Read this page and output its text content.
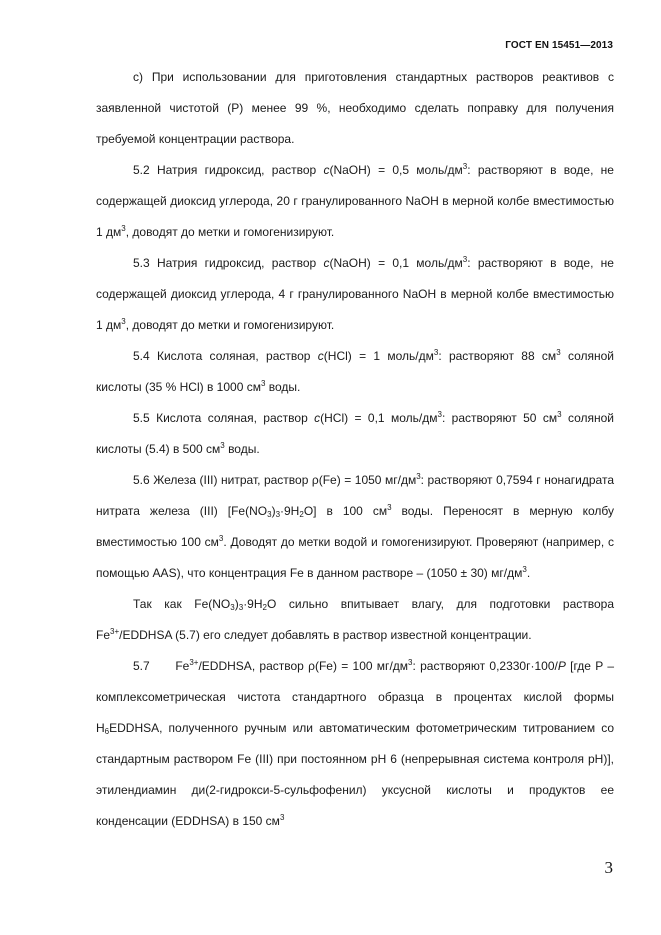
ГОСТ EN 15451—2013

с) При использовании для приготовления стандартных растворов реактивов с заявленной чистотой (P) менее 99 %, необходимо сделать поправку для получения требуемой концентрации раствора.

5.2 Натрия гидроксид, раствор c(NaOH) = 0,5 моль/$дм^3$: растворяют в воде, не содержащей диоксид углерода, 20 г гранулированного NaOH в мерной колбе вместимостью 1 $дм^3$, доводят до метки и гомогенизируют.

5.3 Натрия гидроксид, раствор c(NaOH) = 0,1 моль/$дм^3$: растворяют в воде, не содержащей диоксид углерода, 4 г гранулированного NaOH в мерной колбе вместимостью 1 $дм^3$, доводят до метки и гомогенизируют.

5.4 Кислота соляная, раствор c(HCl) = 1 моль/$дм^3$: растворяют 88 $см^3$ соляной кислоты (35 % HCl) в 1000 $см^3$ воды.

5.5 Кислота соляная, раствор c(HCl) = 0,1 моль/$дм^3$: растворяют 50 $см^3$ соляной кислоты (5.4) в 500 $см^3$ воды.

5.6 Железа (III) нитрат, раствор ρ(Fe) = 1050 $мг/дм^3$: растворяют 0,7594 г нонагидрата нитрата железа (III) $[Fe(NO_3)_3\cdot 9H_2O]$ в 100 $см^3$ воды. Переносят в мерную колбу вместимостью 100 $см^3$. Доводят до метки водой и гомогенизируют. Проверяют (например, с помощью AAS), что концентрация Fe в данном растворе – (1050 ± 30) $мг/дм^3$.

Так как $Fe(NO_3)_3\cdot 9H_2O$ сильно впитывает влагу, для подготовки раствора $Fe^{3+}$/EDDHSA (5.7) его следует добавлять в раствор известной концентрации.

5.7      $Fe^{3+}$/EDDHSA, раствор ρ(Fe) = 100 $мг/дм^3$: растворяют 0,2330г·100/P [где P –комплексометрическая чистота стандартного образца в процентах кислой формы $H_6EDDHSA$, полученного ручным или автоматическим фотометрическим титрованием со стандартным раствором Fe (III) при постоянном pH 6 (непрерывная система контроля pH)], этилендиамин ди(2-гидрокси-5-сульфофенил) уксусной кислоты и продуктов ее конденсации (EDDHSA) в 150 $см^3$

3
